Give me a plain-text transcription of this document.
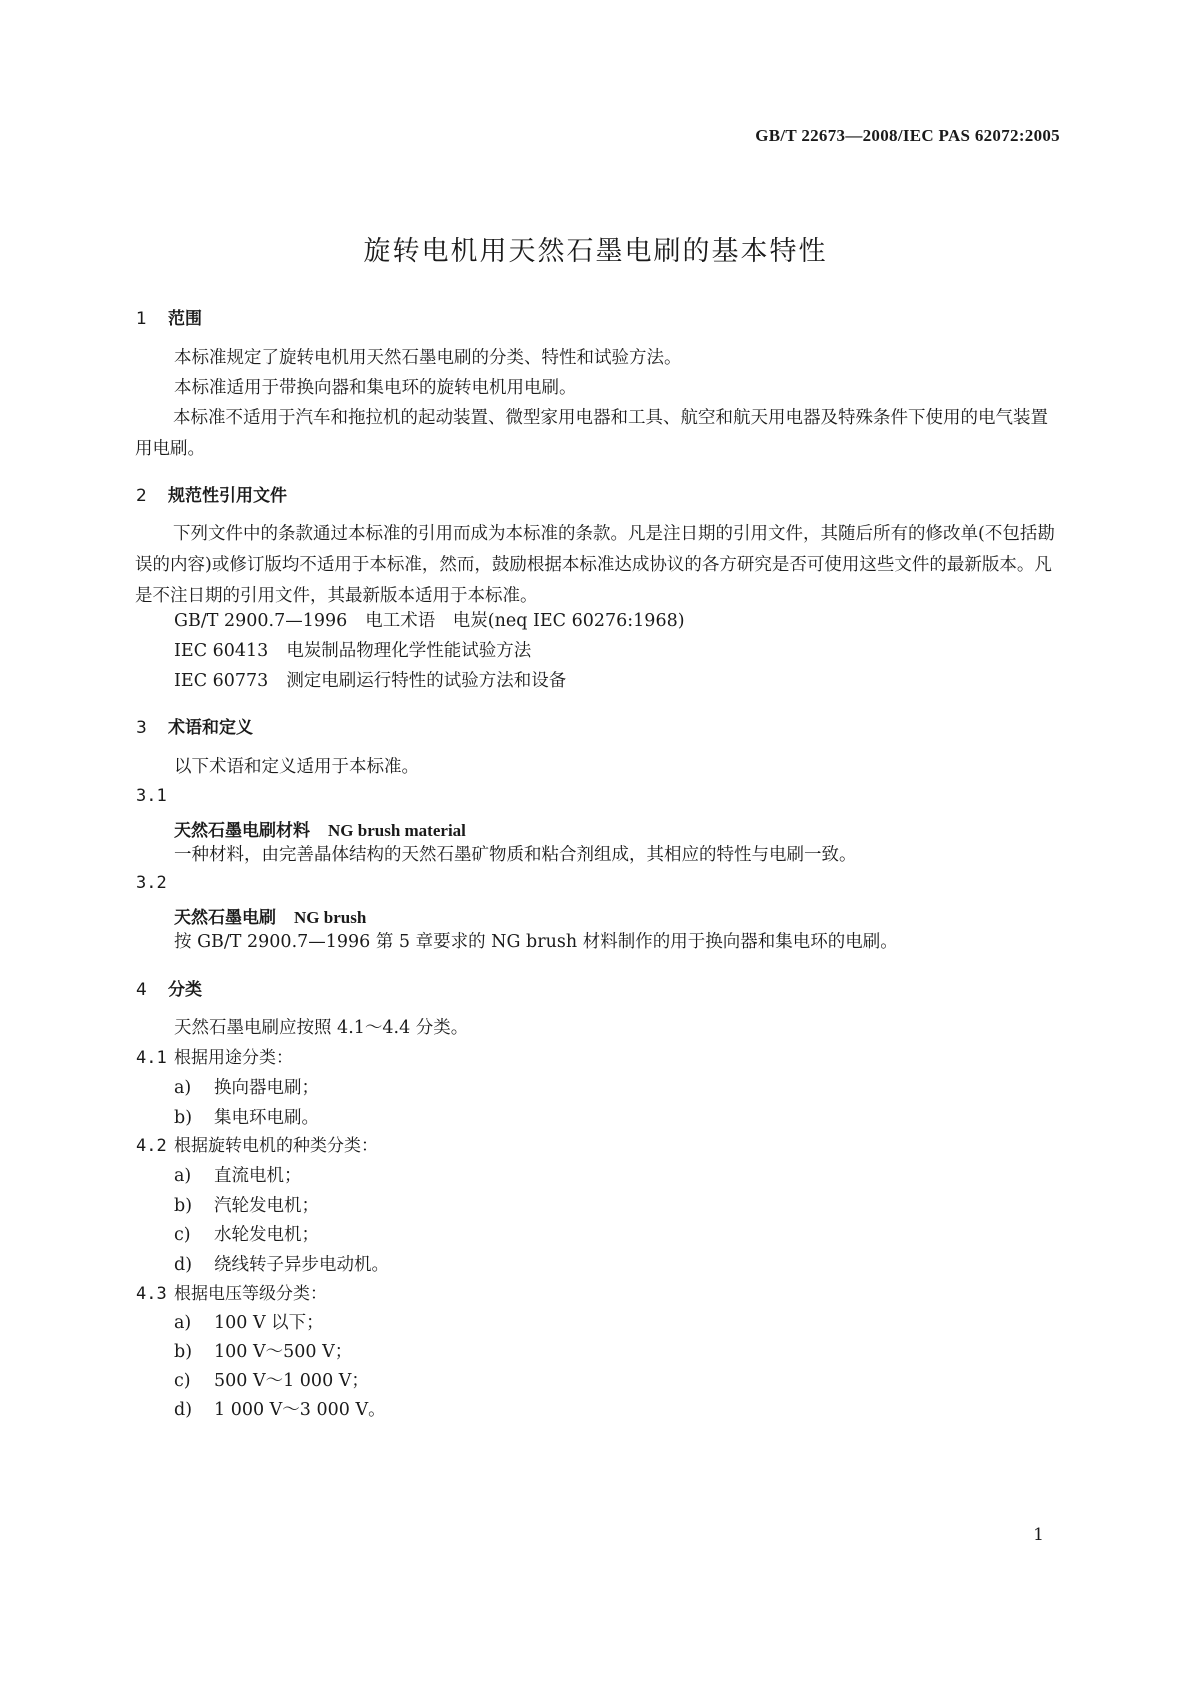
GB/T 22673—2008/IEC PAS 62072:2005
旋转电机用天然石墨电刷的基本特性
1 范围
本标准规定了旋转电机用天然石墨电刷的分类、特性和试验方法。
本标准适用于带换向器和集电环的旋转电机用电刷。
本标准不适用于汽车和拖拉机的起动装置、微型家用电器和工具、航空和航天用电器及特殊条件下使用的电气装置用电刷。
2 规范性引用文件
下列文件中的条款通过本标准的引用而成为本标准的条款。凡是注日期的引用文件，其随后所有的修改单(不包括勘误的内容)或修订版均不适用于本标准，然而，鼓励根据本标准达成协议的各方研究是否可使用这些文件的最新版本。凡是不注日期的引用文件，其最新版本适用于本标准。
GB/T 2900.7—1996 电工术语　电炭(neq IEC 60276:1968)
IEC 60413 电炭制品物理化学性能试验方法
IEC 60773 测定电刷运行特性的试验方法和设备
3 术语和定义
以下术语和定义适用于本标准。
3.1
天然石墨电刷材料 NG brush material
一种材料，由完善晶体结构的天然石墨矿物质和粘合剂组成，其相应的特性与电刷一致。
3.2
天然石墨电刷 NG brush
按 GB/T 2900.7—1996 第 5 章要求的 NG brush 材料制作的用于换向器和集电环的电刷。
4 分类
天然石墨电刷应按照 4.1～4.4 分类。
4.1 根据用途分类：
a) 换向器电刷；
b) 集电环电刷。
4.2 根据旋转电机的种类分类：
a) 直流电机；
b) 汽轮发电机；
c) 水轮发电机；
d) 绕线转子异步电动机。
4.3 根据电压等级分类：
a) 100 V 以下；
b) 100 V～500 V；
c) 500 V～1 000 V；
d) 1 000 V～3 000 V。
1
